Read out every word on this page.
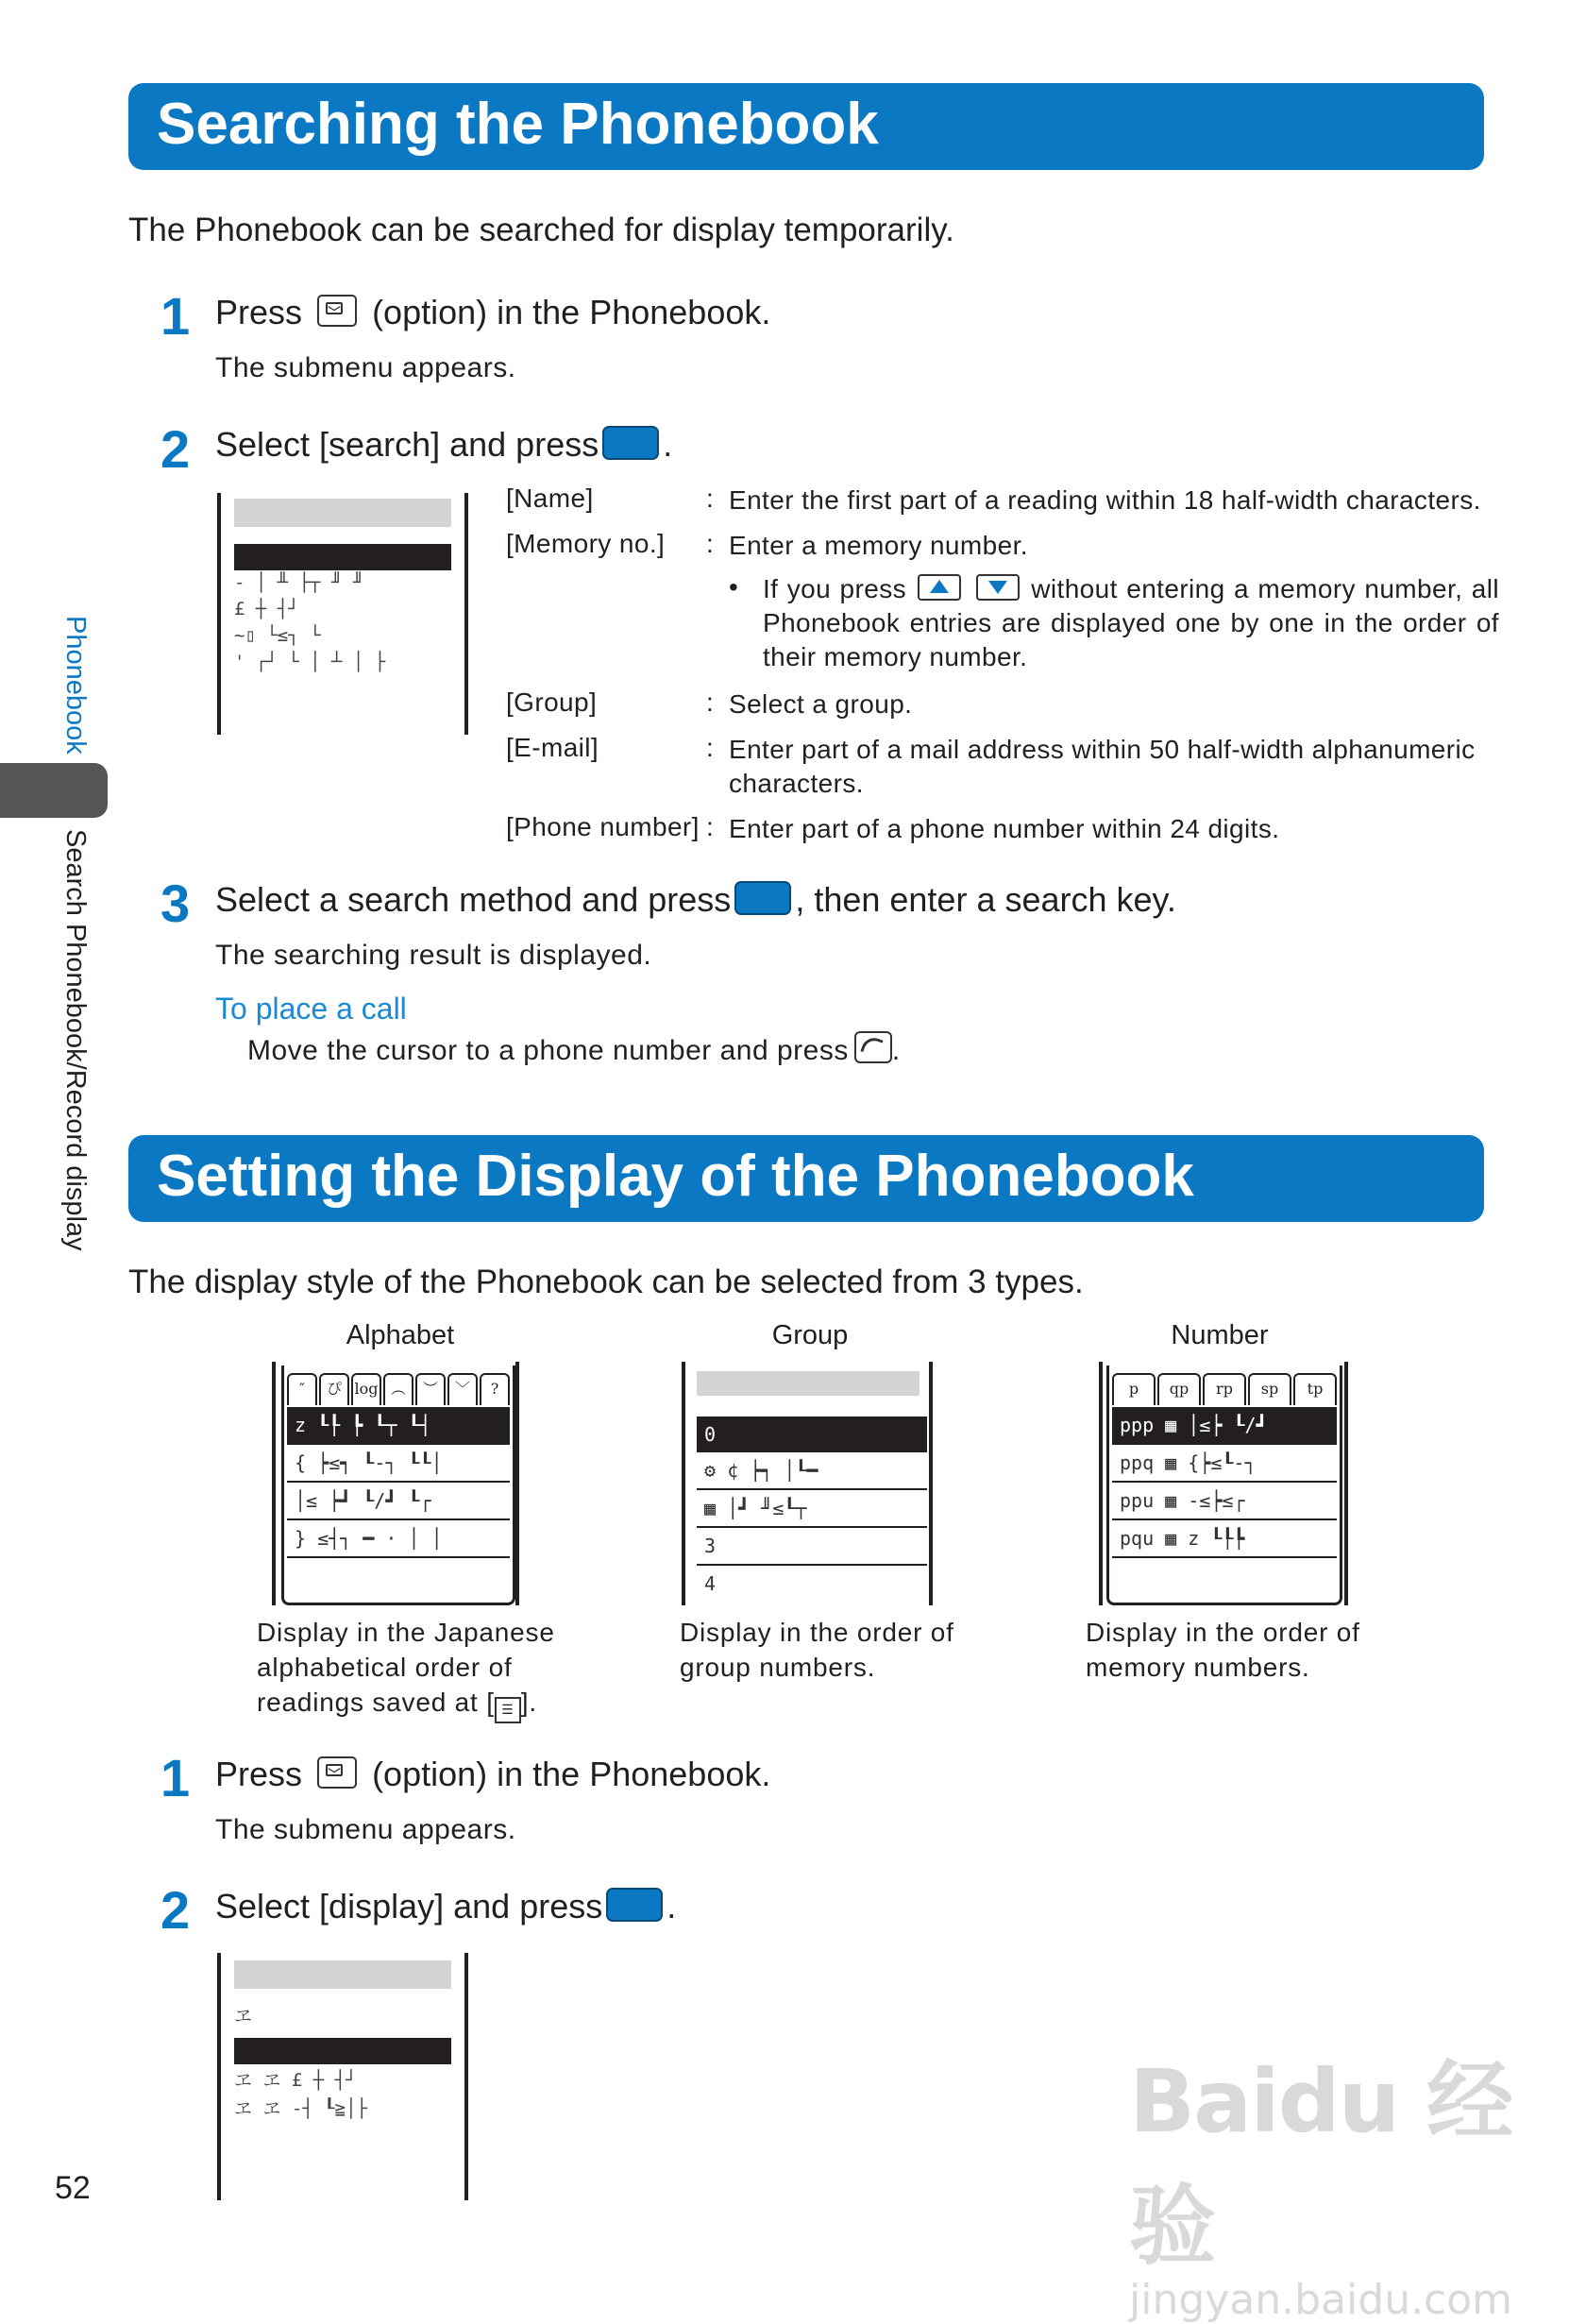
Phonebook
Search Phonebook/Record display
Searching the Phonebook
The Phonebook can be searched for display temporarily.
1 Press (option) in the Phonebook.
The submenu appears.
2 Select [search] and press .
- │ ╨ ├┬ ╜ ╜
£ ┼ ┤┘
~▯ └≤┐ └
' ┌┘ └ │ ┴ │ ├
[Name]	: Enter the first part of a reading within 18 half-width characters.
[Memory no.] : Enter a memory number.
• If you press
	without entering a memory number, all Phonebook entries are displayed one by one in the order of their memory number.
[Group]	: Select a group.
[E-mail]	: Enter part of a mail address within 50 half-width alphanumeric characters.
[Phone number] : Enter part of a phone number within 24 digits.
3 Select a search method and press , then enter a search key.
The searching result is displayed.
To place a call
Move the cursor to a phone number and press .
Setting the Display of the Phonebook
The display style of the Phonebook can be selected from 3 types.
Alphabet	Group	Number
″	ぴ log ︵	︶	﹀	?
z ┖┞ ┡ ┖┬ ┖┤
{ ┝≤┑ ┖-┐ ┖┖│
│≤ ┝┛ ┖/┛ ┖┌
} ≤┤┐ ━ · │ │
0
⚙ ¢ ┝┑ │┖━
▦ │┛ ╜≤┖┬
3
4
p	qp	rp	sp	tp
ppp ▦ │≤┝ ┖/┛
ppq ▦ {┝≤┖-┐
ppu ▦ -≤┝≤┌
pqu ▦ z ┖┞┡
Display in the Japanese
alphabetical order of
readings saved at [ ☰ ].
Display in the order of
group numbers.
Display in the order of
memory numbers.
1 Press (option) in the Phonebook.
The submenu appears.
2 Select [display] and press .
ヱ
ヱ ヱ £ ┼ ┤┘
ヱ ヱ -┤ ┖≧│├
52
Baidu 经验
jingyan.baidu.com
